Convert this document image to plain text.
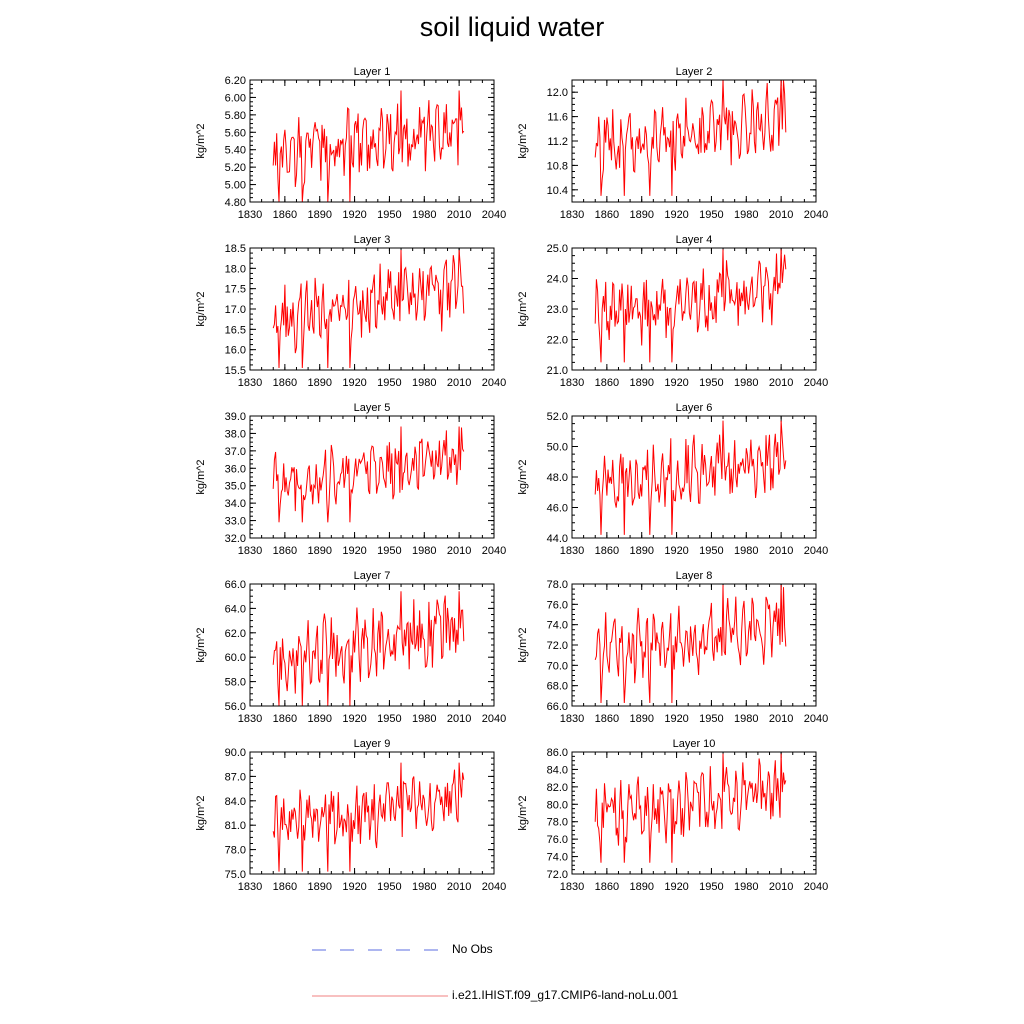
soil liquid water
Layer 1
kg/m^2
6.20
6.00
5.80
5.60
5.40
5.20
5.00
4.80
1830 1860 1890 1920 1950 1980 2010 2040
Layer 2
kg/m^2
12.0
11.6
11.2
10.8
10.4
1830 1860 1890 1920 1950 1980 2010 2040
Layer 3
kg/m^2
18.5
18.0
17.5
17.0
16.5
16.0
15.5
1830 1860 1890 1920 1950 1980 2010 2040
Layer 4
kg/m^2
25.0
24.0
23.0
22.0
21.0
1830 1860 1890 1920 1950 1980 2010 2040
Layer 5
kg/m^2
39.0
38.0
37.0
36.0
35.0
34.0
33.0
32.0
1830 1860 1890 1920 1950 1980 2010 2040
Layer 6
kg/m^2
52.0
50.0
48.0
46.0
44.0
1830 1860 1890 1920 1950 1980 2010 2040
Layer 7
kg/m^2
66.0
64.0
62.0
60.0
58.0
56.0
1830 1860 1890 1920 1950 1980 2010 2040
Layer 8
kg/m^2
78.0
76.0
74.0
72.0
70.0
68.0
66.0
1830 1860 1890 1920 1950 1980 2010 2040
Layer 9
kg/m^2
90.0
87.0
84.0
81.0
78.0
75.0
1830 1860 1890 1920 1950 1980 2010 2040
Layer 10
kg/m^2
86.0
84.0
82.0
80.0
78.0
76.0
74.0
72.0
1830 1860 1890 1920 1950 1980 2010 2040
No Obs
i.e21.IHIST.f09_g17.CMIP6-land-noLu.001
